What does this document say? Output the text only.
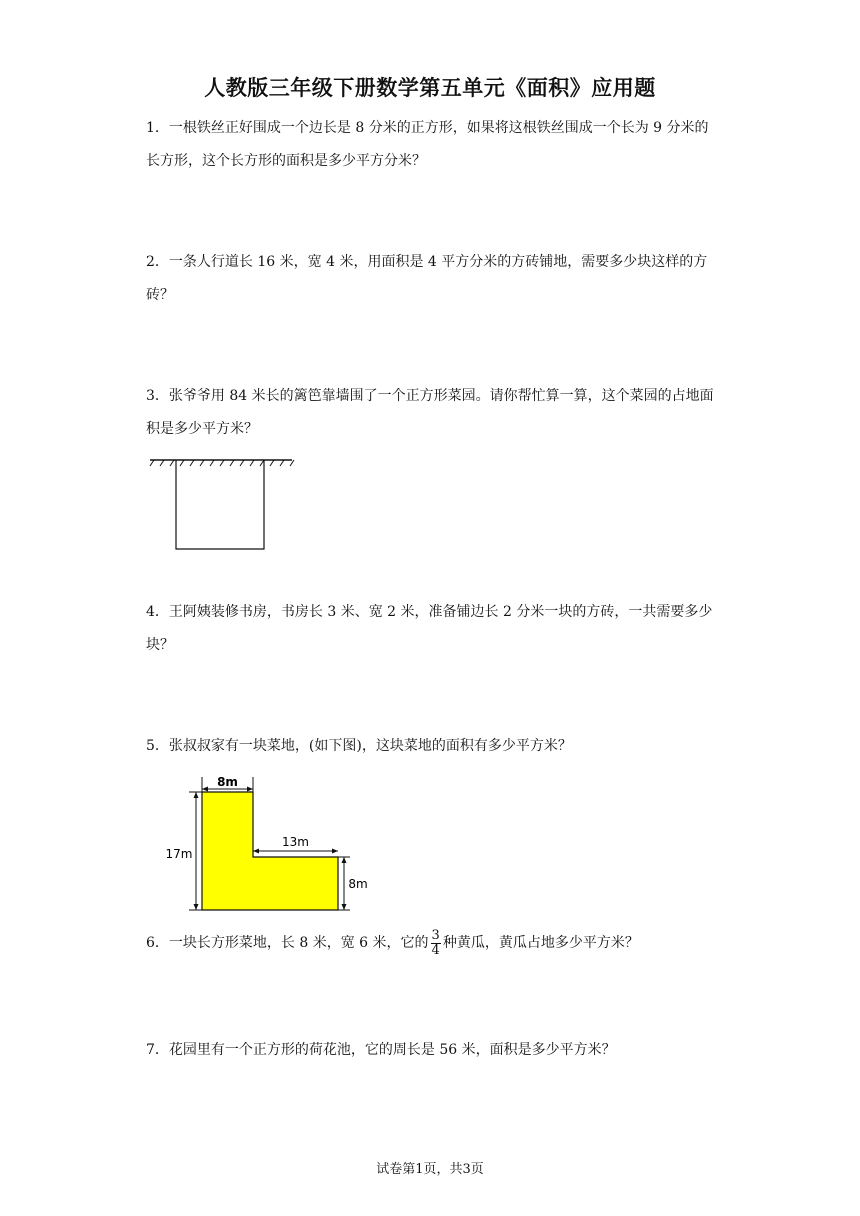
人教版三年级下册数学第五单元《面积》应用题

1．一根铁丝正好围成一个边长是 8 分米的正方形，如果将这根铁丝围成一个长为 9 分米的长方形，这个长方形的面积是多少平方分米？

2．一条人行道长 16 米，宽 4 米，用面积是 4 平方分米的方砖铺地，需要多少块这样的方砖？

3．张爷爷用 84 米长的篱笆靠墙围了一个正方形菜园。请你帮忙算一算，这个菜园的占地面积是多少平方米？

4．王阿姨装修书房，书房长 3 米、宽 2 米，准备铺边长 2 分米一块的方砖，一共需要多少块？

5．张叔叔家有一块菜地，(如下图)，这块菜地的面积有多少平方米？

8m
13m
17m
8m

6．一块长方形菜地，长 8 米，宽 6 米，它的 $\frac{3}{4}$ 种黄瓜，黄瓜占地多少平方米？

7．花园里有一个正方形的荷花池，它的周长是 56 米，面积是多少平方米？

试卷第1页，共3页
